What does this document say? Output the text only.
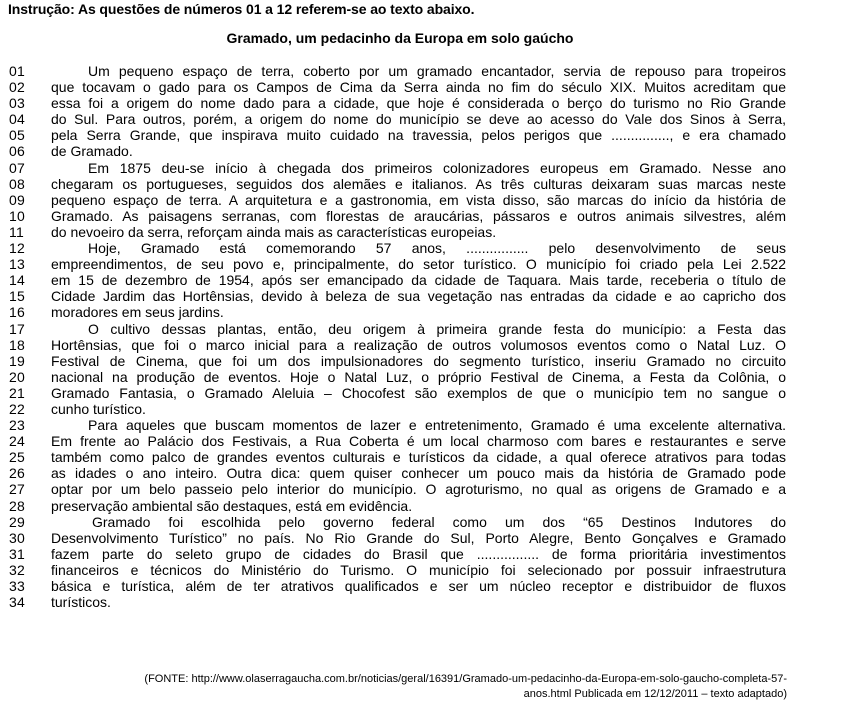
Instrução: As questões de números 01 a 12 referem-se ao texto abaixo.
Gramado, um pedacinho da Europa em solo gaúcho
01	Um pequeno espaço de terra, coberto por um gramado encantador, servia de repouso para tropeiros
02	que tocavam o gado para os Campos de Cima da Serra ainda no fim do século XIX. Muitos acreditam que
03	essa foi a origem do nome dado para a cidade, que hoje é considerada o berço do turismo no Rio Grande
04	do Sul. Para outros, porém, a origem do nome do município se deve ao acesso do Vale dos Sinos à Serra,
05	pela Serra Grande, que inspirava muito cuidado na travessia, pelos perigos que ..............., e era chamado
06	de Gramado.
07	Em 1875 deu-se início à chegada dos primeiros colonizadores europeus em Gramado. Nesse ano
08	chegaram os portugueses, seguidos dos alemães e italianos. As três culturas deixaram suas marcas neste
09	pequeno espaço de terra. A arquitetura e a gastronomia, em vista disso, são marcas do início da história de
10	Gramado. As paisagens serranas, com florestas de araucárias, pássaros e outros animais silvestres, além
11	do nevoeiro da serra, reforçam ainda mais as características europeias.
12	Hoje, Gramado está comemorando 57 anos, ................ pelo desenvolvimento de seus
13	empreendimentos, de seu povo e, principalmente, do setor turístico. O município foi criado pela Lei 2.522
14	em 15 de dezembro de 1954, após ser emancipado da cidade de Taquara. Mais tarde, receberia o título de
15	Cidade Jardim das Hortênsias, devido à beleza de sua vegetação nas entradas da cidade e ao capricho dos
16	moradores em seus jardins.
17	O cultivo dessas plantas, então, deu origem à primeira grande festa do município: a Festa das
18	Hortênsias, que foi o marco inicial para a realização de outros volumosos eventos como o Natal Luz. O
19	Festival de Cinema, que foi um dos impulsionadores do segmento turístico, inseriu Gramado no circuito
20	nacional na produção de eventos. Hoje o Natal Luz, o próprio Festival de Cinema, a Festa da Colônia, o
21	Gramado Fantasia, o Gramado Aleluia – Chocofest são exemplos de que o município tem no sangue o
22	cunho turístico.
23	Para aqueles que buscam momentos de lazer e entretenimento, Gramado é uma excelente alternativa.
24	Em frente ao Palácio dos Festivais, a Rua Coberta é um local charmoso com bares e restaurantes e serve
25	também como palco de grandes eventos culturais e turísticos da cidade, a qual oferece atrativos para todas
26	as idades o ano inteiro. Outra dica: quem quiser conhecer um pouco mais da história de Gramado pode
27	optar por um belo passeio pelo interior do município. O agroturismo, no qual as origens de Gramado e a
28	preservação ambiental são destaques, está em evidência.
29	Gramado foi escolhida pelo governo federal como um dos “65 Destinos Indutores do
30	Desenvolvimento Turístico” no país. No Rio Grande do Sul, Porto Alegre, Bento Gonçalves e Gramado
31	fazem parte do seleto grupo de cidades do Brasil que ................ de forma prioritária investimentos
32	financeiros e técnicos do Ministério do Turismo. O município foi selecionado por possuir infraestrutura
33	básica e turística, além de ter atrativos qualificados e ser um núcleo receptor e distribuidor de fluxos
34	turísticos.
(FONTE: http://www.olaserragaucha.com.br/noticias/geral/16391/Gramado-um-pedacinho-da-Europa-em-solo-gaucho-completa-57-
anos.html Publicada em 12/12/2011 – texto adaptado)
